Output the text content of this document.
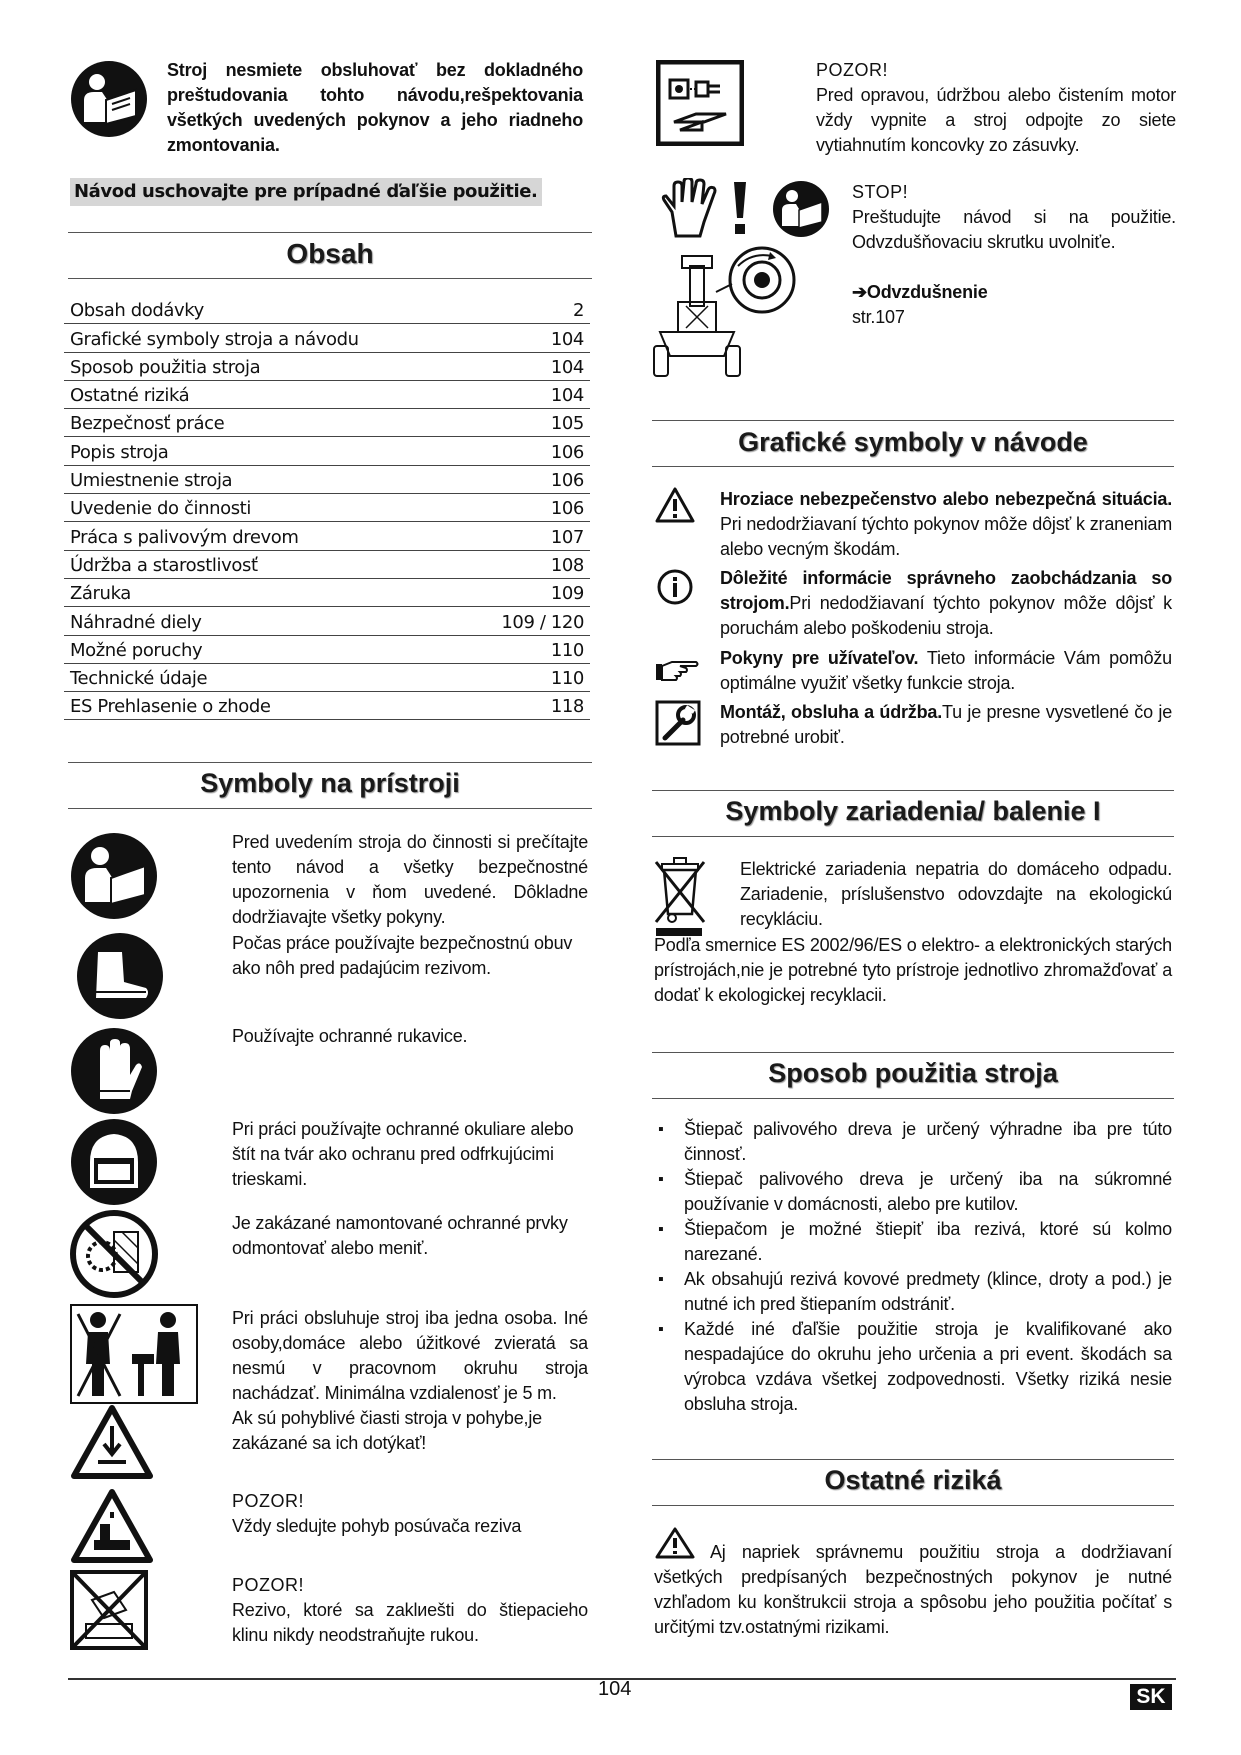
Stroj nesmiete obsluhovať bez dokladného preštudovania tohto návodu,rešpektovania všetkých uvedených pokynov a jeho riadneho zmontovania.
Návod uschovajte pre prípadné ďaľšie použitie.
Obsah
Obsah dodávky	2
Grafické symboly stroja a návodu	104
Sposob použitia stroja	104
Ostatné riziká	104
Bezpečnosť práce	105
Popis stroja	106
Umiestnenie stroja	106
Uvedenie do činnosti	106
Práca s palivovým drevom	107
Údržba a starostlivosť	108
Záruka	109
Náhradné diely	109 / 120
Možné poruchy	110
Technické údaje	110
ES Prehlasenie o zhode	118
Symboly na prístroji
Pred uvedením stroja do činnosti si prečítajte tento návod a všetky bezpečnostné upozornenia v ňom uvedené. Dôkladne dodržiavajte všetky pokyny.
Počas práce používajte bezpečnostnú obuv ako nôh pred padajúcim rezivom.
Používajte ochranné rukavice.
Pri práci používajte ochranné okuliare alebo štít na tvár ako ochranu pred odfrkujúcimi trieskami.
Je zakázané namontované ochranné prvky odmontovať alebo meniť.
Pri práci obsluhuje stroj iba jedna osoba. Iné osoby,domáce alebo úžitkové zvieratá sa nesmú v pracovnom okruhu stroja nachádzať. Minimálna vzdialenosť je 5 m.
Ak sú pohyblivé čiasti stroja v pohybe,je zakázané sa ich dotýkať!
POZOR!
Vždy sledujte pohyb posúvača reziva
POZOR!
Rezivo, ktoré sa zaklиešti do štiepacieho klinu nikdy neodstraňujte rukou.
POZOR!
Pred opravou, údržbou alebo čistením motor vždy vypnite a stroj odpojte zo siete vytiahnutím koncovky zo zásuvky.
STOP!
Preštudujte návod si na použitie. Odvzdušňovaciu skrutku uvolniťe.
➔Odvzdušnenie
str.107
Grafické symboly v návode
Hroziace nebezpečenstvo alebo nebezpečná situácia. Pri nedodržiavaní týchto pokynov môže dôjsť k zraneniam alebo vecným škodám.
Dôležité informácie správneho zaobchádzania so strojom.Pri nedodžiavaní týchto pokynov môže dôjsť k poruchám alebo poškodeniu stroja.
Pokyny pre užívateľov. Tieto informácie Vám pomôžu optimálne využiť všetky funkcie stroja.
Montáž, obsluha a údržba.Tu je presne vysvetlené čo je potrebné urobiť.
Symboly zariadenia/ balenie I
Elektrické zariadenia nepatria do domáceho odpadu. Zariadenie, príslušenstvo odovzdajte na ekologickú recykláciu.
Podľa smernice ES 2002/96/ES o elektro- a elektronických starých prístrojách,nie je potrebné tyto prístroje jednotlivo zhromažďovať a dodať k ekologickej recyklacii.
Sposob použitia stroja
▪ Štiepač palivového dreva je určený výhradne iba pre túto činnosť.
▪ Štiepač palivového dreva je určený iba na súkromné používanie v domácnosti, alebo pre kutilov.
▪ Štiepačom je možné štiepiť iba rezivá, ktoré sú kolmo narezané.
▪ Ak obsahujú rezivá kovové predmety (klince, droty a pod.) je nutné ich pred štiepaním odstrániť.
▪ Každé iné ďaľšie použitie stroja je kvalifikované ako nespadajúce do okruhu jeho určenia a pri event. škodách sa výrobca vzdáva všetkej zodpovednosti. Všetky riziká nesie obsluha stroja.
Ostatné riziká
Aj napriek správnemu použitiu stroja a dodržiavaní všetkých predpísaných bezpečnostných pokynov je nutné vzhľadom ku konštrukcii stroja a spôsobu jeho použitia počítať s určitými tzv.ostatnými rizikami.
104	SK
